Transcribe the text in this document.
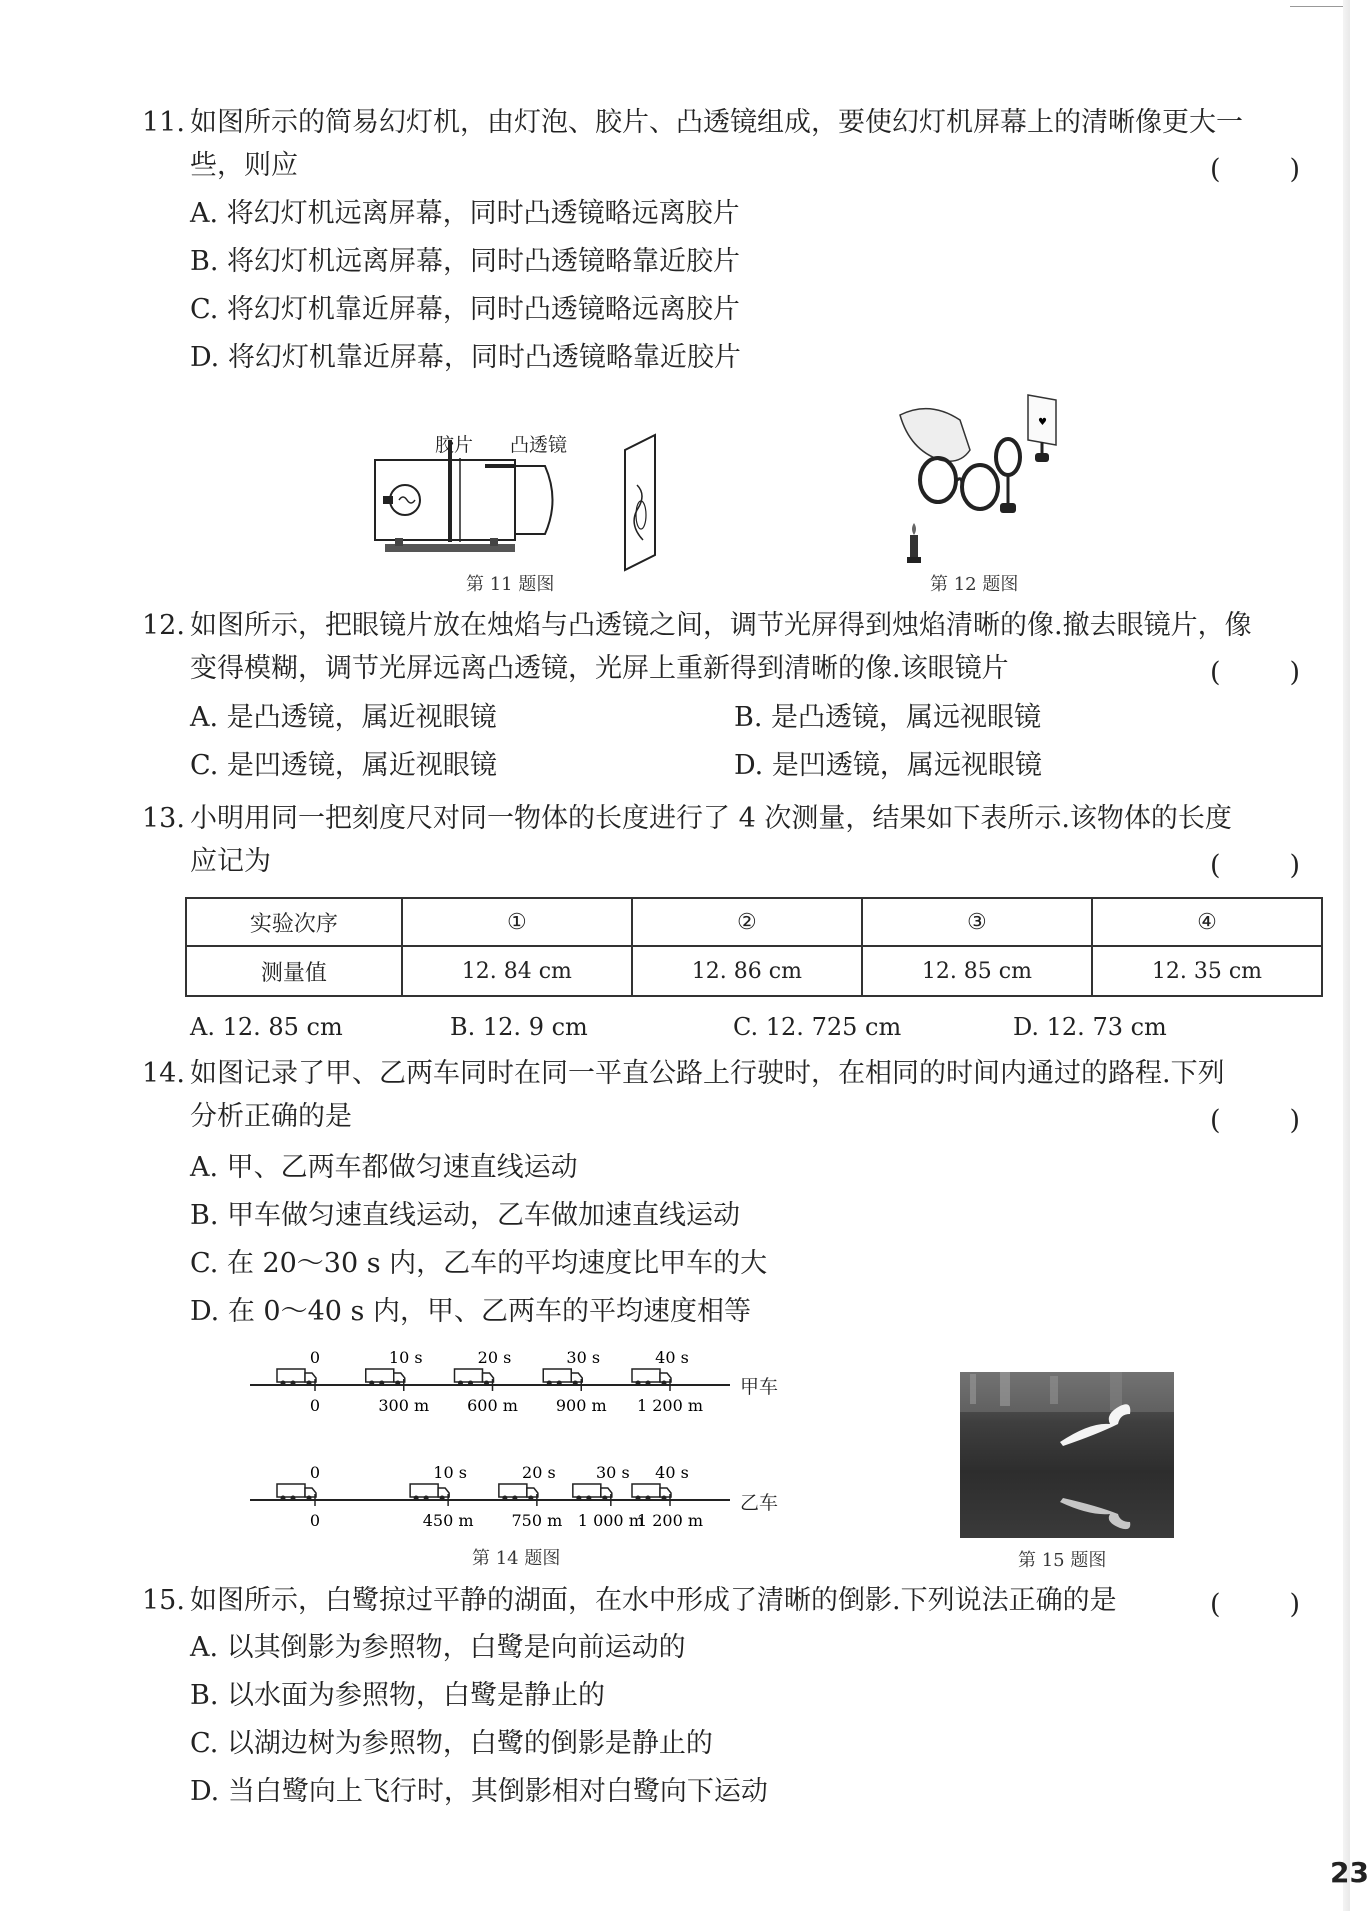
11. 如图所示的简易幻灯机，由灯泡、胶片、凸透镜组成，要使幻灯机屏幕上的清晰像更大一
些，则应	(	)
A. 将幻灯机远离屏幕，同时凸透镜略远离胶片
B. 将幻灯机远离屏幕，同时凸透镜略靠近胶片
C. 将幻灯机靠近屏幕，同时凸透镜略远离胶片
D. 将幻灯机靠近屏幕，同时凸透镜略靠近胶片
胶片 凸透镜
第 11 题图
♥
第 12 题图
12. 如图所示，把眼镜片放在烛焰与凸透镜之间，调节光屏得到烛焰清晰的像.撤去眼镜片，像
变得模糊，调节光屏远离凸透镜，光屏上重新得到清晰的像.该眼镜片	(	)
A. 是凸透镜，属近视眼镜	B. 是凸透镜，属远视眼镜
C. 是凹透镜，属近视眼镜	D. 是凹透镜，属远视眼镜
13. 小明用同一把刻度尺对同一物体的长度进行了 4 次测量，结果如下表所示.该物体的长度
应记为	(	)
实验次序	①	②	③	④
测量值	12. 84 cm	12. 86 cm	12. 85 cm	12. 35 cm
A. 12. 85 cm	B. 12. 9 cm	C. 12. 725 cm	D. 12. 73 cm
14. 如图记录了甲、乙两车同时在同一平直公路上行驶时，在相同的时间内通过的路程.下列
分析正确的是	(	)
A. 甲、乙两车都做匀速直线运动
B. 甲车做匀速直线运动，乙车做加速直线运动
C. 在 20～30 s 内，乙车的平均速度比甲车的大
D. 在 0～40 s 内，甲、乙两车的平均速度相等
0
0
10 s
300 m
20 s
600 m
30 s
900 m
40 s
1 200 m
0
0
10 s
450 m
20 s
750 m
30 s
1 000 m
40 s
1 200 m
甲车
乙车
第 14 题图	第 15 题图
15. 如图所示，白鹭掠过平静的湖面，在水中形成了清晰的倒影.下列说法正确的是	(	)
A. 以其倒影为参照物，白鹭是向前运动的
B. 以水面为参照物，白鹭是静止的
C. 以湖边树为参照物，白鹭的倒影是静止的
D. 当白鹭向上飞行时，其倒影相对白鹭向下运动
23
